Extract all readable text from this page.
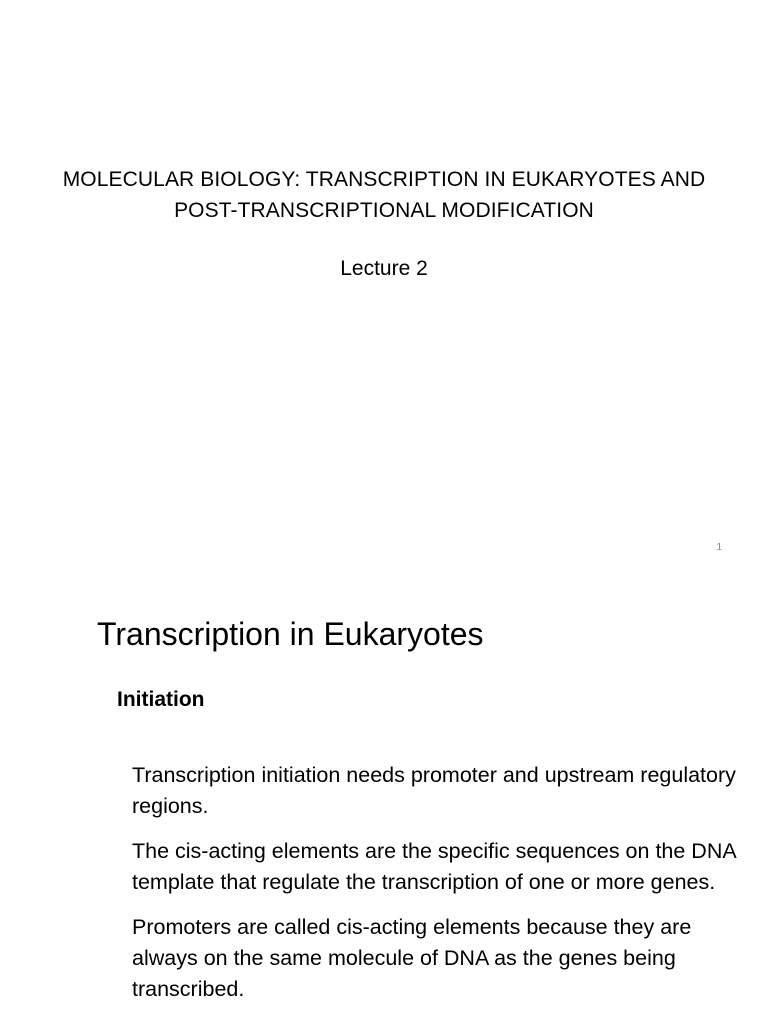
MOLECULAR BIOLOGY: TRANSCRIPTION IN EUKARYOTES AND
POST-TRANSCRIPTIONAL MODIFICATION

Lecture 2

1
Transcription in Eukaryotes
Initiation

Transcription initiation needs promoter and upstream regulatory regions.

The cis-acting elements are the specific sequences on the DNA template that regulate the transcription of one or more genes.

Promoters are called cis-acting elements because they are always on the same molecule of DNA as the genes being transcribed.
